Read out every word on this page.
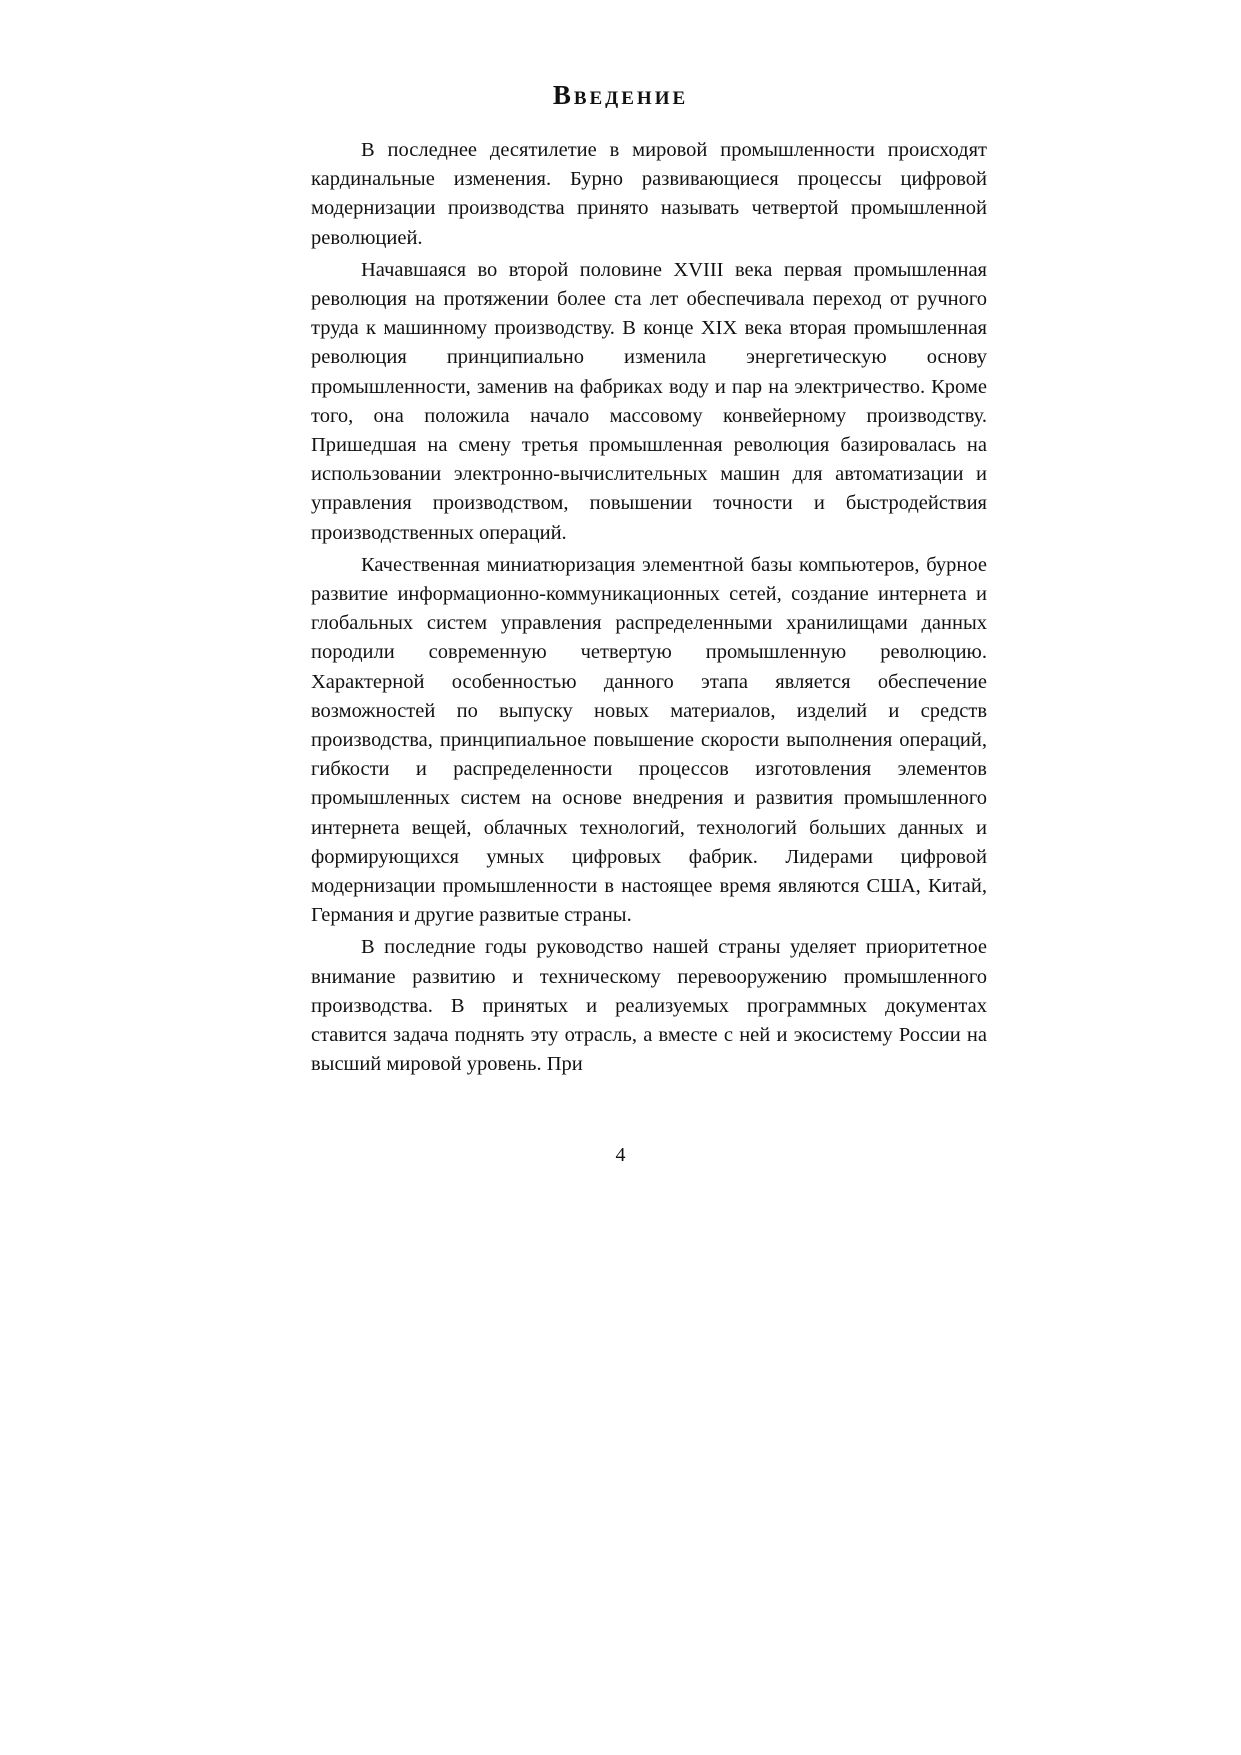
Введение

В последнее десятилетие в мировой промышленности происходят кардинальные изменения. Бурно развивающиеся процессы цифровой модернизации производства принято называть четвертой промышленной революцией.

Начавшаяся во второй половине XVIII века первая промышленная революция на протяжении более ста лет обеспечивала переход от ручного труда к машинному производству. В конце XIX века вторая промышленная революция принципиально изменила энергетическую основу промышленности, заменив на фабриках воду и пар на электричество. Кроме того, она положила начало массовому конвейерному производству. Пришедшая на смену третья промышленная революция базировалась на использовании электронно-вычислительных машин для автоматизации и управления производством, повышении точности и быстродействия производственных операций.

Качественная миниатюризация элементной базы компьютеров, бурное развитие информационно-коммуникационных сетей, создание интернета и глобальных систем управления распределенными хранилищами данных породили современную четвертую промышленную революцию. Характерной особенностью данного этапа является обеспечение возможностей по выпуску новых материалов, изделий и средств производства, принципиальное повышение скорости выполнения операций, гибкости и распределенности процессов изготовления элементов промышленных систем на основе внедрения и развития промышленного интернета вещей, облачных технологий, технологий больших данных и формирующихся умных цифровых фабрик. Лидерами цифровой модернизации промышленности в настоящее время являются США, Китай, Германия и другие развитые страны.

В последние годы руководство нашей страны уделяет приоритетное внимание развитию и техническому перевооружению промышленного производства. В принятых и реализуемых программных документах ставится задача поднять эту отрасль, а вместе с ней и экосистему России на высший мировой уровень. При

4
